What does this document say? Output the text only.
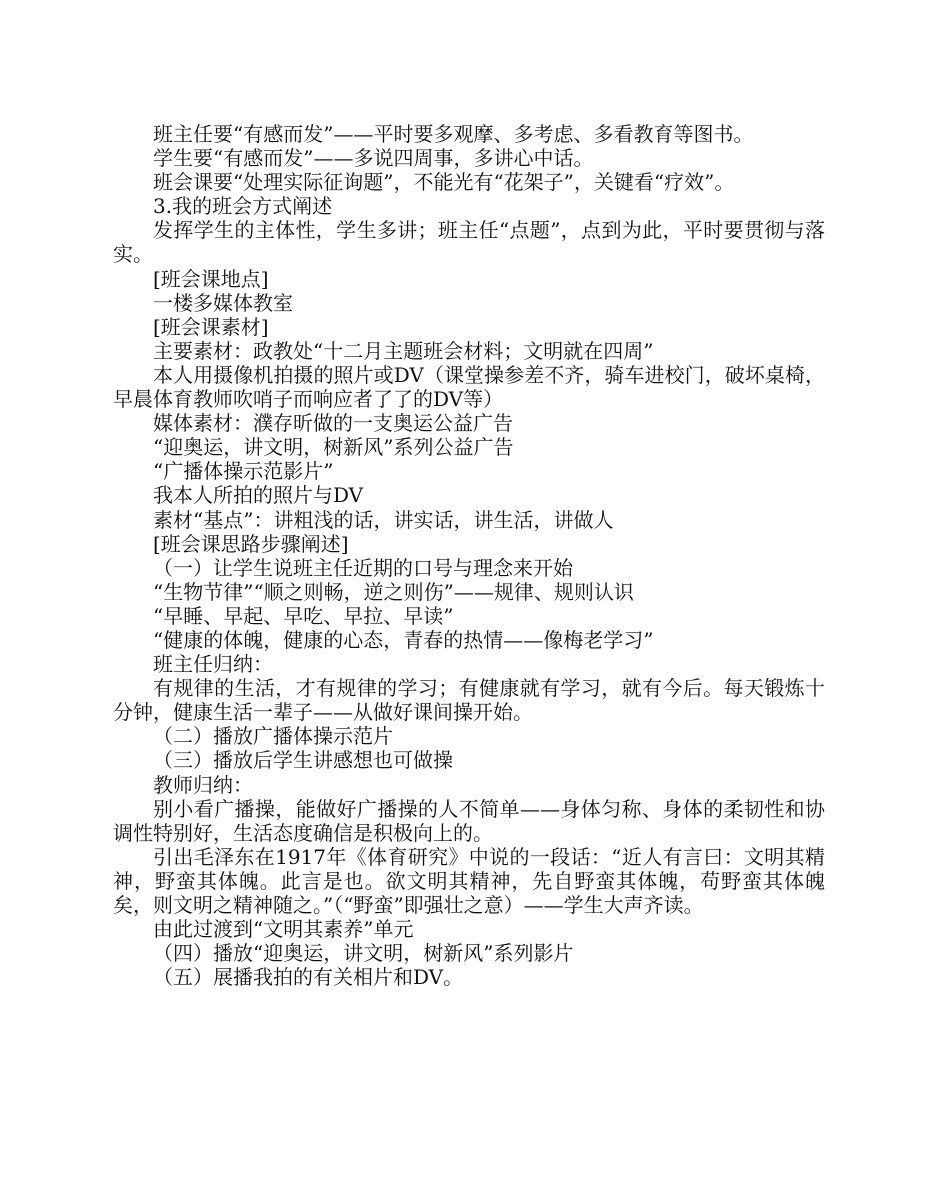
班主任要“有感而发”——平时要多观摩、多考虑、多看教育等图书。

学生要“有感而发”——多说四周事，多讲心中话。

班会课要“处理实际征询题”，不能光有“花架子”，关键看“疗效”。

3.我的班会方式阐述

发挥学生的主体性，学生多讲；班主任“点题”，点到为此，平时要贯彻与落实。

[班会课地点]

一楼多媒体教室

[班会课素材]

主要素材：政教处“十二月主题班会材料；文明就在四周”

本人用摄像机拍摄的照片或DV（课堂操参差不齐，骑车进校门，破坏桌椅，早晨体育教师吹哨子而响应者了了的DV等）

媒体素材：濮存昕做的一支奥运公益广告

“迎奥运，讲文明，树新风”系列公益广告

“广播体操示范影片”

我本人所拍的照片与DV

素材“基点”：讲粗浅的话，讲实话，讲生活，讲做人

[班会课思路步骤阐述]

（一）让学生说班主任近期的口号与理念来开始

“生物节律”“顺之则畅，逆之则伤”——规律、规则认识

“早睡、早起、早吃、早拉、早读”

“健康的体魄，健康的心态，青春的热情——像梅老学习”

班主任归纳：

有规律的生活，才有规律的学习；有健康就有学习，就有今后。每天锻炼十分钟，健康生活一辈子——从做好课间操开始。

（二）播放广播体操示范片

（三）播放后学生讲感想也可做操

教师归纳：

别小看广播操，能做好广播操的人不简单——身体匀称、身体的柔韧性和协调性特别好，生活态度确信是积极向上的。

引出毛泽东在1917年《体育研究》中说的一段话：“近人有言曰：文明其精神，野蛮其体魄。此言是也。欲文明其精神，先自野蛮其体魄，苟野蛮其体魄矣，则文明之精神随之。”（“野蛮”即强壮之意）——学生大声齐读。

由此过渡到“文明其素养”单元

（四）播放“迎奥运，讲文明，树新风”系列影片

（五）展播我拍的有关相片和DV。
